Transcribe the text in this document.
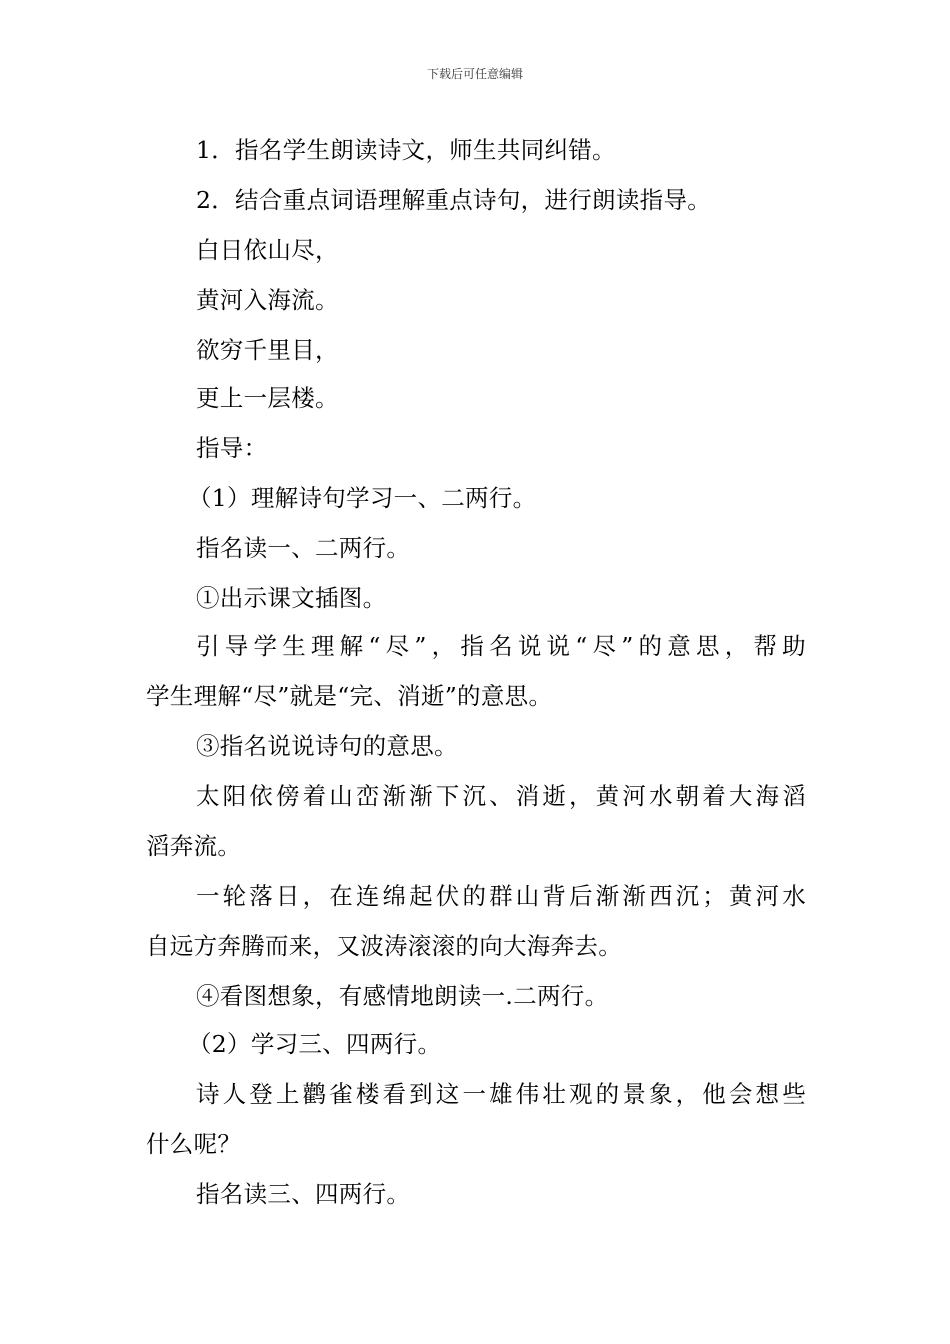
下载后可任意编辑
1．指名学生朗读诗文，师生共同纠错。
2．结合重点词语理解重点诗句，进行朗读指导。
白日依山尽，
黄河入海流。
欲穷千里目，
更上一层楼。
指导：
（1）理解诗句学习一、二两行。
指名读一、二两行。
①出示课文插图。
引导学生理解“尽”，指名说说“尽”的意思，帮助
学生理解“尽”就是“完、消逝”的意思。
③指名说说诗句的意思。
太阳依傍着山峦渐渐下沉、消逝，黄河水朝着大海滔
滔奔流。
一轮落日，在连绵起伏的群山背后渐渐西沉；黄河水
自远方奔腾而来，又波涛滚滚的向大海奔去。
④看图想象，有感情地朗读一.二两行。
（2）学习三、四两行。
诗人登上鹳雀楼看到这一雄伟壮观的景象，他会想些
什么呢？
指名读三、四两行。
